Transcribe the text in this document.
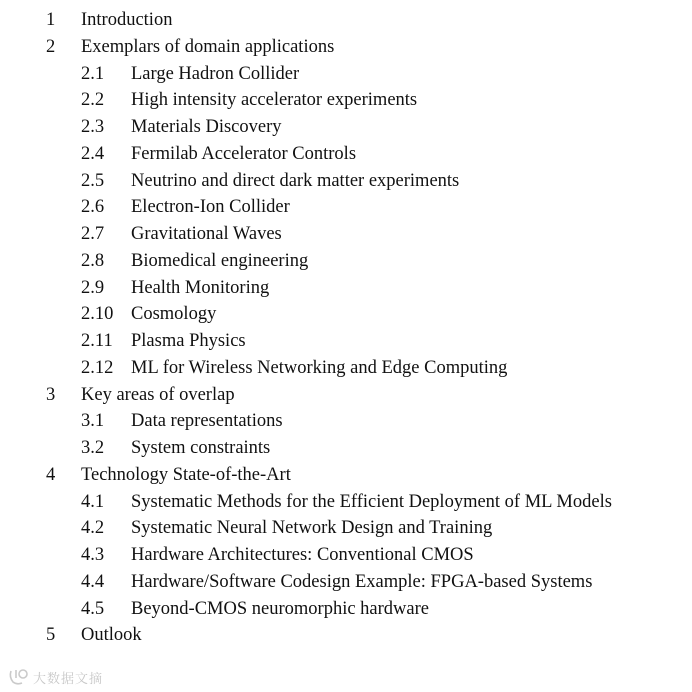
1 Introduction
2 Exemplars of domain applications
2.1 Large Hadron Collider
2.2 High intensity accelerator experiments
2.3 Materials Discovery
2.4 Fermilab Accelerator Controls
2.5 Neutrino and direct dark matter experiments
2.6 Electron-Ion Collider
2.7 Gravitational Waves
2.8 Biomedical engineering
2.9 Health Monitoring
2.10 Cosmology
2.11 Plasma Physics
2.12 ML for Wireless Networking and Edge Computing
3 Key areas of overlap
3.1 Data representations
3.2 System constraints
4 Technology State-of-the-Art
4.1 Systematic Methods for the Efficient Deployment of ML Models
4.2 Systematic Neural Network Design and Training
4.3 Hardware Architectures: Conventional CMOS
4.4 Hardware/Software Codesign Example: FPGA-based Systems
4.5 Beyond-CMOS neuromorphic hardware
5 Outlook
大数据文摘
